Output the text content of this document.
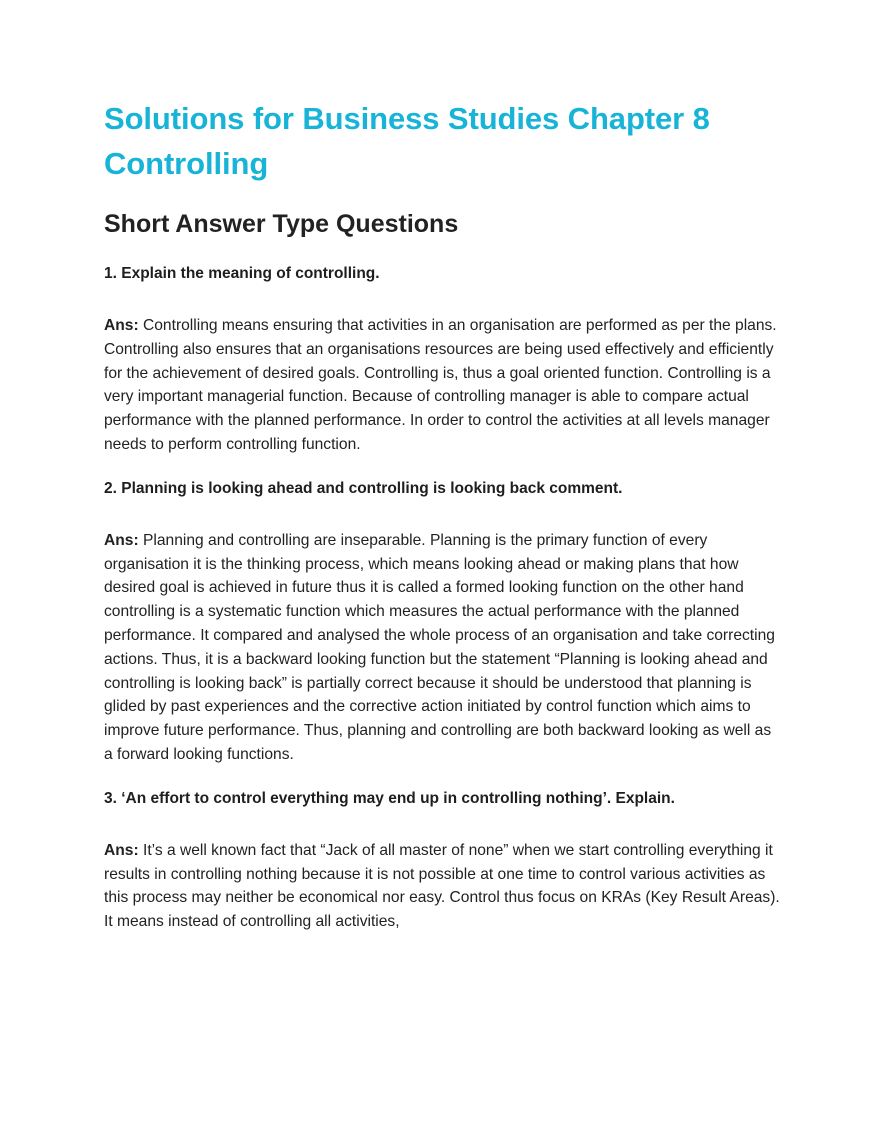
Solutions for Business Studies Chapter 8 Controlling
Short Answer Type Questions

1. Explain the meaning of controlling.

Ans: Controlling means ensuring that activities in an organisation are performed as per the plans. Controlling also ensures that an organisations resources are being used effectively and efficiently for the achievement of desired goals. Controlling is, thus a goal oriented function. Controlling is a very important managerial function. Because of controlling manager is able to compare actual performance with the planned performance. In order to control the activities at all levels manager needs to perform controlling function.

2. Planning is looking ahead and controlling is looking back comment.

Ans: Planning and controlling are inseparable. Planning is the primary function of every organisation it is the thinking process, which means looking ahead or making plans that how desired goal is achieved in future thus it is called a formed looking function on the other hand controlling is a systematic function which measures the actual performance with the planned performance. It compared and analysed the whole process of an organisation and take correcting actions. Thus, it is a backward looking function but the statement “Planning is looking ahead and controlling is looking back” is partially correct because it should be understood that planning is glided by past experiences and the corrective action initiated by control function which aims to improve future performance. Thus, planning and controlling are both backward looking as well as a forward looking functions.

3. ‘An effort to control everything may end up in controlling nothing’. Explain.

Ans: It’s a well known fact that “Jack of all master of none” when we start controlling everything it results in controlling nothing because it is not possible at one time to control various activities as this process may neither be economical nor easy. Control thus focus on KRAs (Key Result Areas). It means instead of controlling all activities,
